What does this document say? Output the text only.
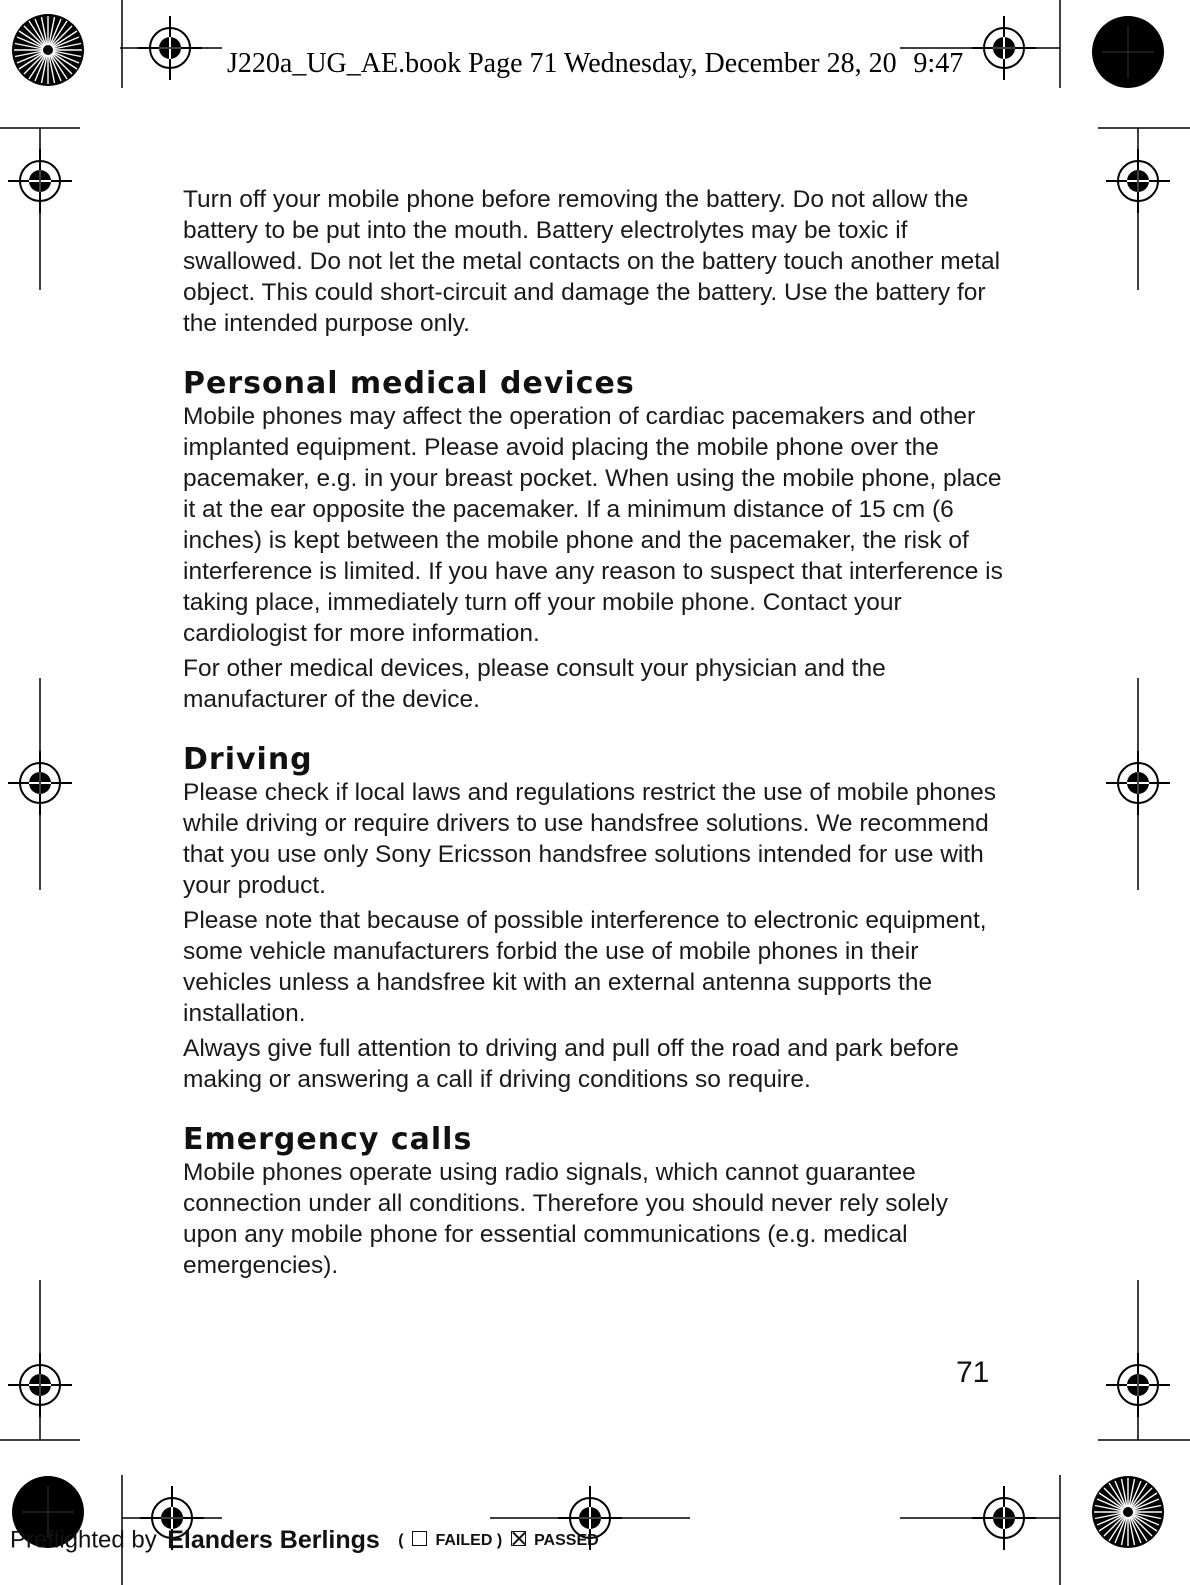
J220a_UG_AE.book Page 71 Wednesday, December 28, 20   9:47

Turn off your mobile phone before removing the battery. Do not allow the battery to be put into the mouth. Battery electrolytes may be toxic if swallowed. Do not let the metal contacts on the battery touch another metal object. This could short-circuit and damage the battery. Use the battery for the intended purpose only.

Personal medical devices

Mobile phones may affect the operation of cardiac pacemakers and other implanted equipment. Please avoid placing the mobile phone over the pacemaker, e.g. in your breast pocket. When using the mobile phone, place it at the ear opposite the pacemaker. If a minimum distance of 15 cm (6 inches) is kept between the mobile phone and the pacemaker, the risk of interference is limited. If you have any reason to suspect that interference is taking place, immediately turn off your mobile phone. Contact your cardiologist for more information.

For other medical devices, please consult your physician and the manufacturer of the device.

Driving

Please check if local laws and regulations restrict the use of mobile phones while driving or require drivers to use handsfree solutions. We recommend that you use only Sony Ericsson handsfree solutions intended for use with your product.

Please note that because of possible interference to electronic equipment, some vehicle manufacturers forbid the use of mobile phones in their vehicles unless a handsfree kit with an external antenna supports the installation.

Always give full attention to driving and pull off the road and park before making or answering a call if driving conditions so require.

Emergency calls

Mobile phones operate using radio signals, which cannot guarantee connection under all conditions. Therefore you should never rely solely upon any mobile phone for essential communications (e.g. medical emergencies).

71
Preflighted by Elanders Berlings ( FAILED ) PASSED
